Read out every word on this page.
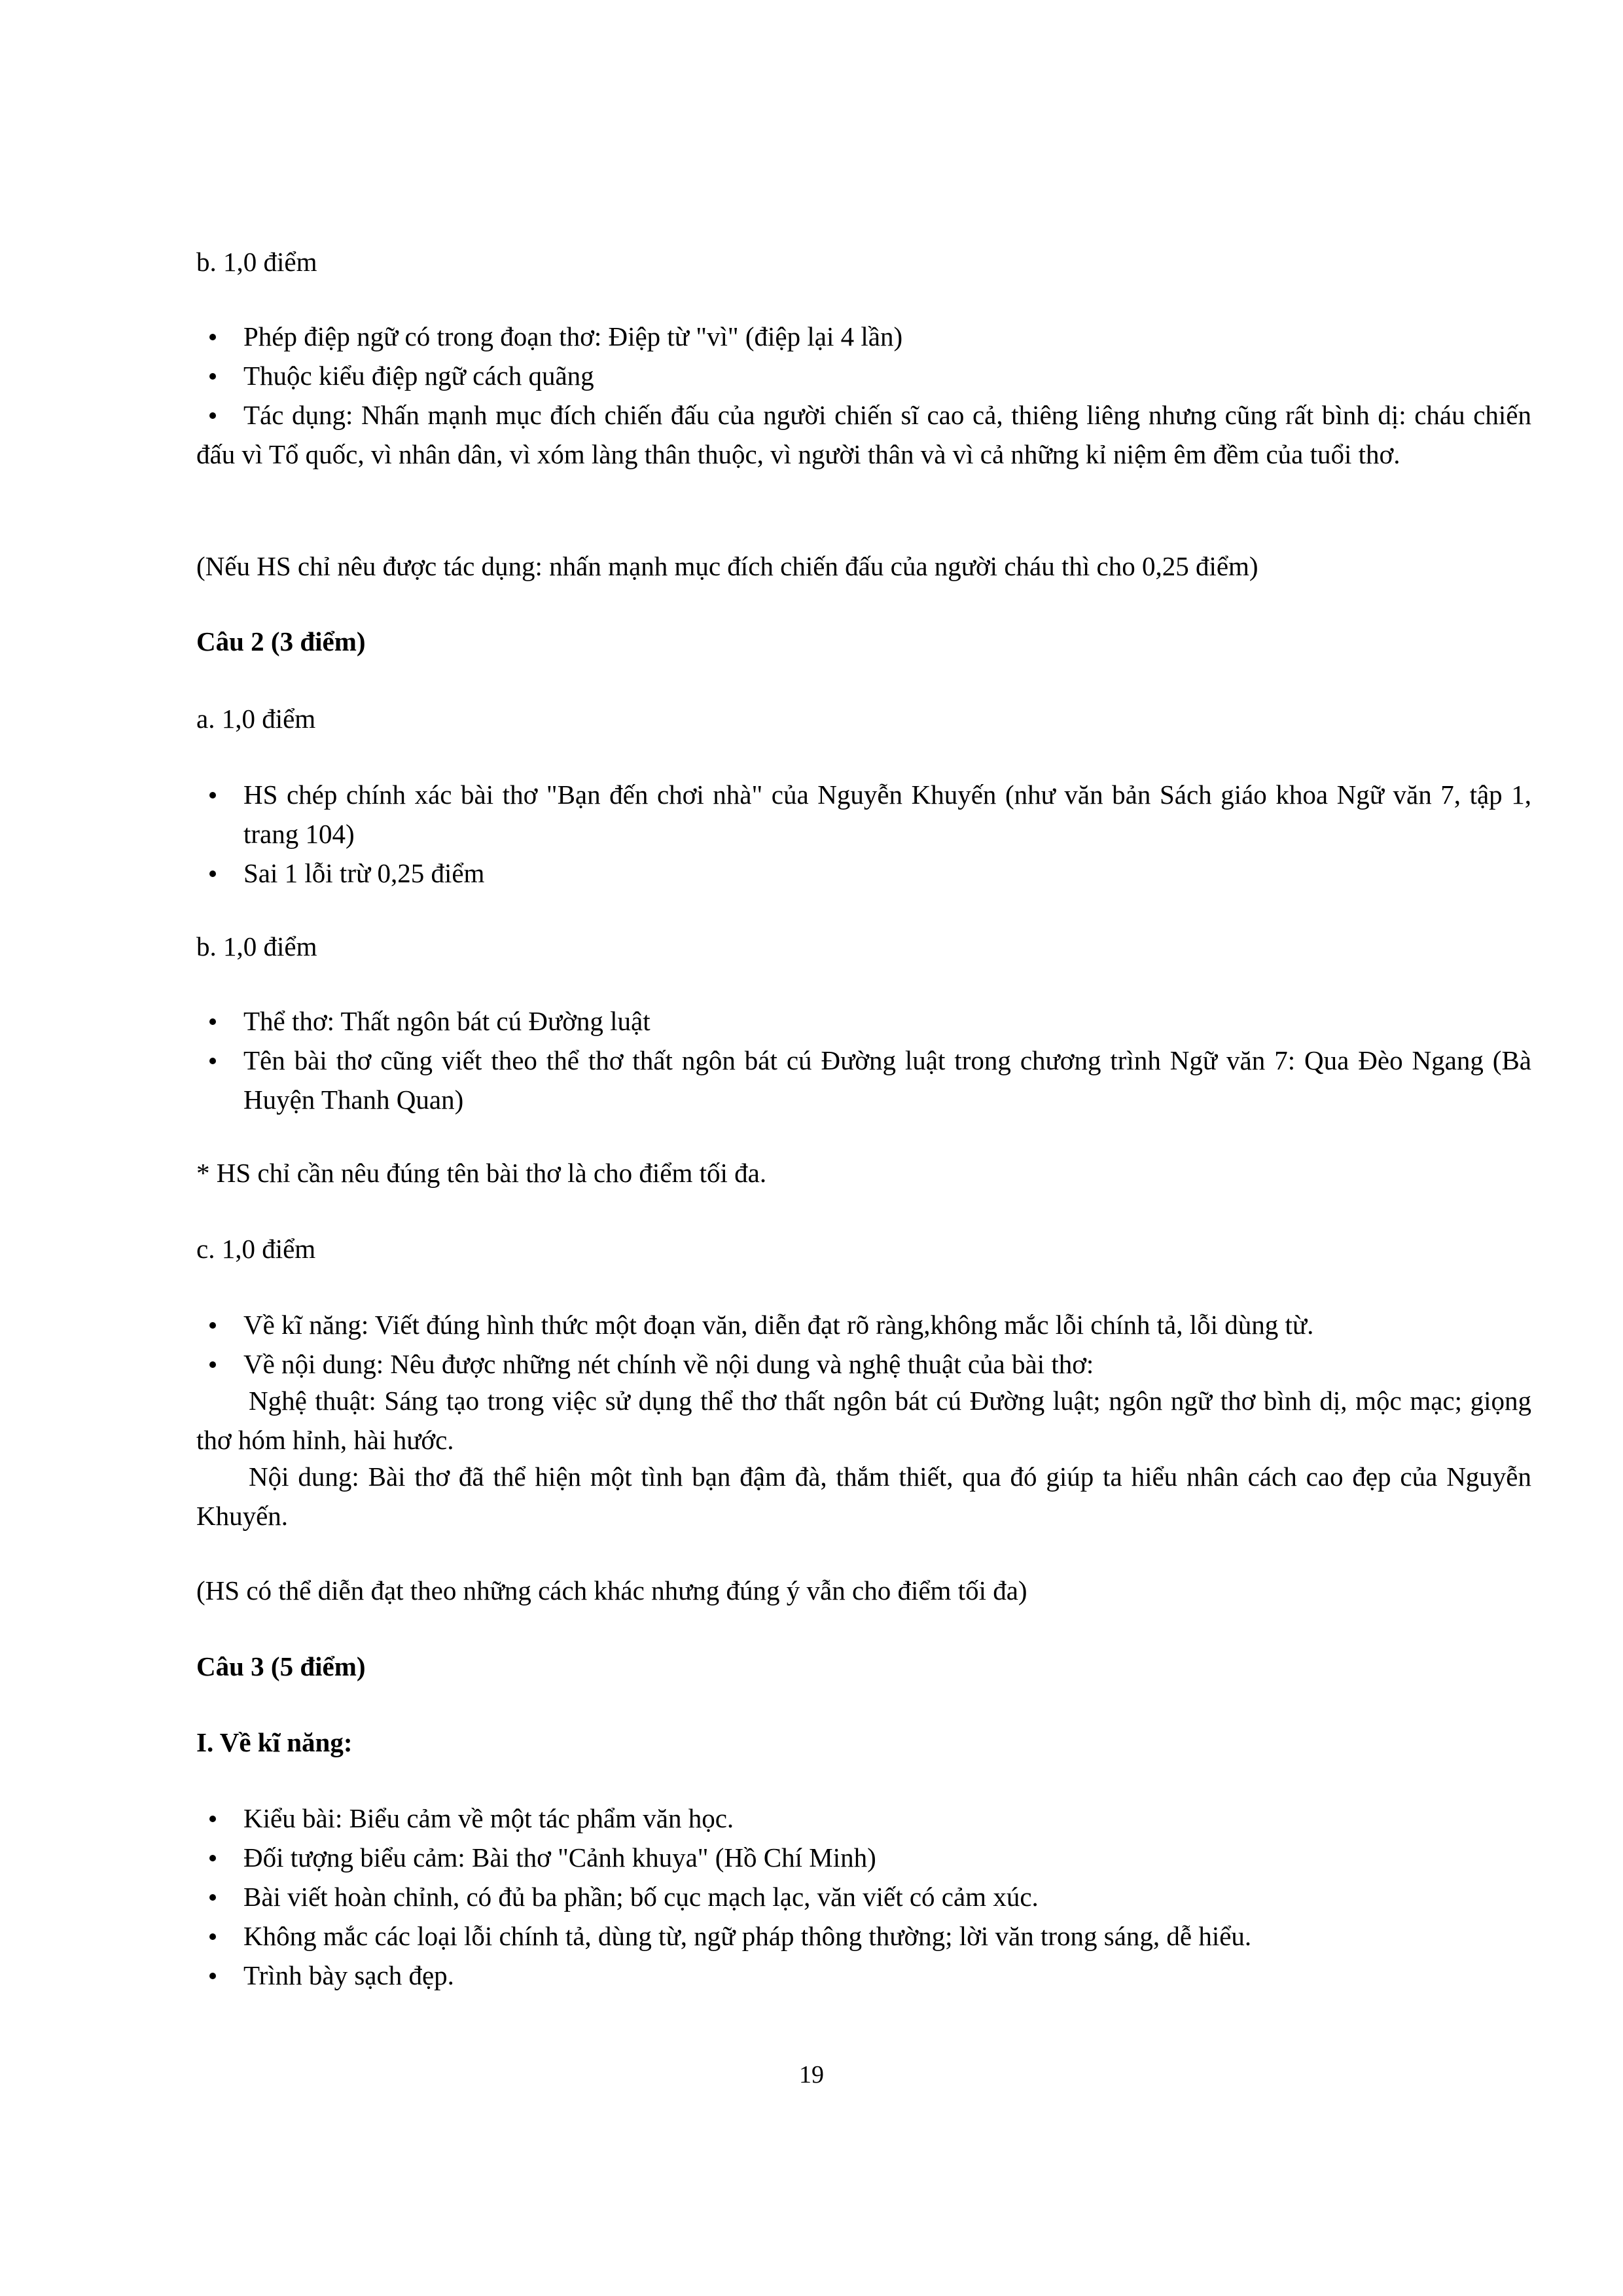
b. 1,0 điểm
Phép điệp ngữ có trong đoạn thơ: Điệp từ "vì" (điệp lại 4 lần)
Thuộc kiểu điệp ngữ cách quãng
Tác dụng: Nhấn mạnh mục đích chiến đấu của người chiến sĩ cao cả, thiêng liêng nhưng cũng rất bình dị: cháu chiến đấu vì Tổ quốc, vì nhân dân, vì xóm làng thân thuộc, vì người thân và vì cả những kỉ niệm êm đềm của tuổi thơ.
(Nếu HS chỉ nêu được tác dụng: nhấn mạnh mục đích chiến đấu của người cháu thì cho 0,25 điểm)
Câu 2 (3 điểm)
a. 1,0 điểm
HS chép chính xác bài thơ "Bạn đến chơi nhà" của Nguyễn Khuyến (như văn bản Sách giáo khoa Ngữ văn 7, tập 1, trang 104)
Sai 1 lỗi trừ 0,25 điểm
b. 1,0 điểm
Thể thơ: Thất ngôn bát cú Đường luật
Tên bài thơ cũng viết theo thể thơ thất ngôn bát cú Đường luật trong chương trình Ngữ văn 7: Qua Đèo Ngang (Bà Huyện Thanh Quan)
* HS chỉ cần nêu đúng tên bài thơ là cho điểm tối đa.
c. 1,0 điểm
Về kĩ năng: Viết đúng hình thức một đoạn văn, diễn đạt rõ ràng,không mắc lỗi chính tả, lỗi dùng từ.
Về nội dung: Nêu được những nét chính về nội dung và nghệ thuật của bài thơ:
Nghệ thuật: Sáng tạo trong việc sử dụng thể thơ thất ngôn bát cú Đường luật; ngôn ngữ thơ bình dị, mộc mạc; giọng thơ hóm hỉnh, hài hước.
Nội dung: Bài thơ đã thể hiện một tình bạn đậm đà, thắm thiết, qua đó giúp ta hiểu nhân cách cao đẹp của Nguyễn Khuyến.
(HS có thể diễn đạt theo những cách khác nhưng đúng ý vẫn cho điểm tối đa)
Câu 3 (5 điểm)
I. Về kĩ năng:
Kiểu bài: Biểu cảm về một tác phẩm văn học.
Đối tượng biểu cảm: Bài thơ "Cảnh khuya" (Hồ Chí Minh)
Bài viết hoàn chỉnh, có đủ ba phần; bố cục mạch lạc, văn viết có cảm xúc.
Không mắc các loại lỗi chính tả, dùng từ, ngữ pháp thông thường; lời văn trong sáng, dễ hiểu.
Trình bày sạch đẹp.
19
